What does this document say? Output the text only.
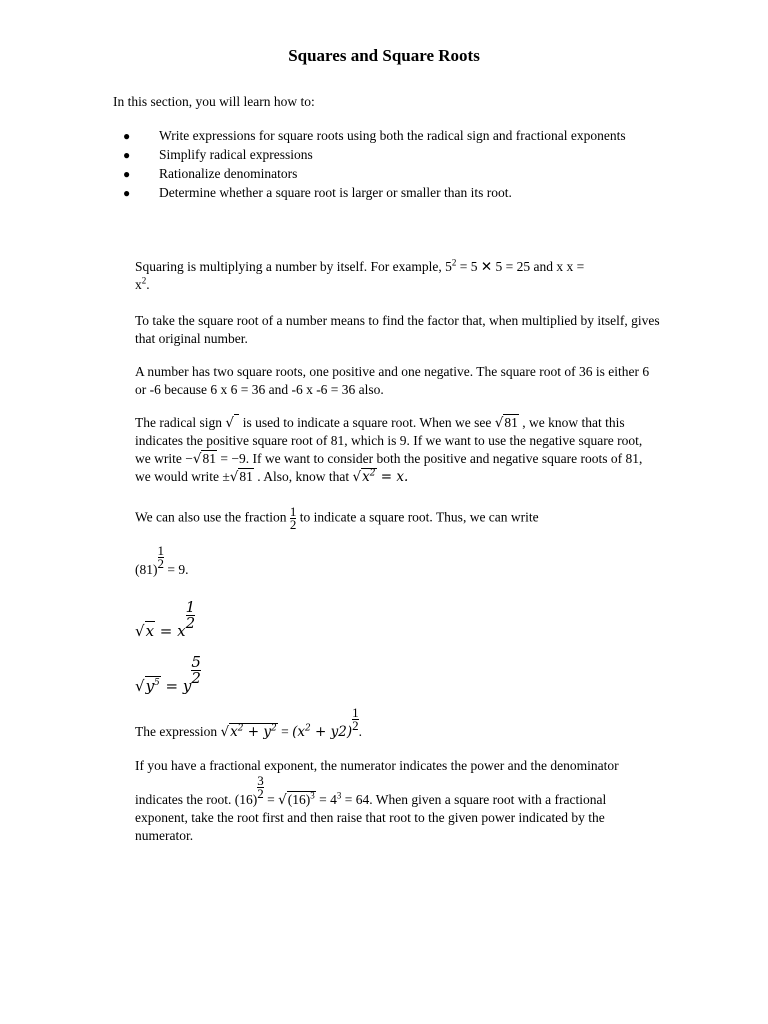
Squares and Square Roots

In this section, you will learn how to:

● Write expressions for square roots using both the radical sign and fractional exponents
● Simplify radical expressions
● Rationalize denominators
● Determine whether a square root is larger or smaller than its root.

Squaring is multiplying a number by itself. For example, $5^2 = 5$ ✕ 5 = 25 and x x =
$x^2$.

To take the square root of a number means to find the factor that, when multiplied by itself, gives that original number.

A number has two square roots, one positive and one negative. The square root of 36 is either 6 or -6 because 6 x 6 = 36 and -6 x -6 = 36 also.

The radical sign √  is used to indicate a square root. When we see √81 , we know that this indicates the positive square root of 81, which is 9. If we want to use the negative square root, we write −√81 = −9. If we want to consider both the positive and negative square roots of 81, we would write ±√81 . Also, know that $√x^2 = x$.

We can also use the fraction $\frac{1}{2}$ to indicate a square root. Thus, we can write

(81) $^{\frac{1}{2}}$ = 9.

√x = x $^{\frac{1}{2}}$

$√y^5 = y$ $^{\frac{5}{2}}$

The expression $√x^2 + y^2 = (x^2 + y2)$ $^{\frac{1}{2}}$ .

If you have a fractional exponent, the numerator indicates the power and the denominator indicates the root. (16) $^{\frac{3}{2}} = √(16)^3 = 4^3 = 64$. When given a square root with a fractional exponent, take the root first and then raise that root to the given power indicated by the numerator.
